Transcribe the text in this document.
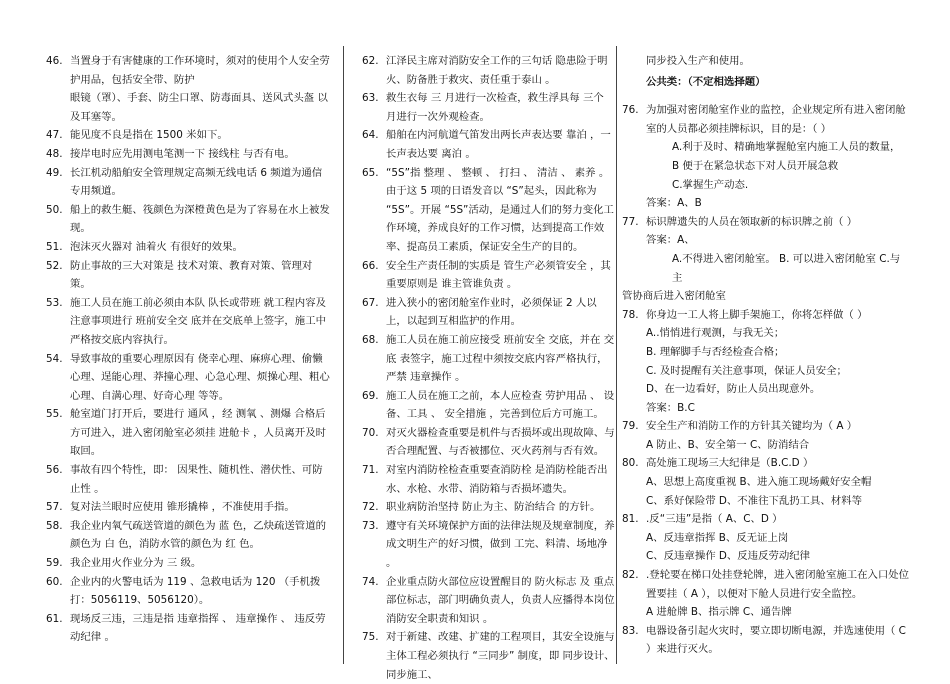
46. 当置身于有害健康的工作环境时，须对的使用个人安全劳护用品，包括安全带、防护
眼镜（罩）、手套、防尘口罩、防毒面具、送风式头盔 以及耳塞等。
47. 能见度不良是指在 1500 米如下。
48. 接岸电时应先用测电笔测一下 接线柱 与否有电。
49. 长江机动船舶安全管理规定高频无线电话 6 频道为通信专用频道。
50. 船上的救生艇、筏颜色为深橙黄色是为了容易在水上被发现。
51. 泡沫灭火器对 油着火 有很好的效果。
52. 防止事故的三大对策是 技术对策、教育对策、管理对策。
53. 施工人员在施工前必须由本队 队长或带班 就工程内容及注意事项进行 班前安全交 底并在交底单上签字，施工中严格按交底内容执行。
54. 导致事故的重要心理原因有 侥幸心理、麻痹心理、偷懒心理、逞能心理、莽撞心理、心急心理、烦操心理、粗心心理、自满心理、好奇心理 等等。
55. 舱室道门打开后，要进行 通风 ，经 测氧 、测爆 合格后方可进入，进入密闭舱室必须挂 进舱卡 ，人员离开及时取回。
56. 事故有四个特性，即： 因果性、随机性、潜伏性、可防止性 。
57. 复对法兰眼时应使用 锥形撬棒 ，不准使用手指。
58. 我企业内氧气疏送管道的颜色为 蓝 色，乙炔疏送管道的颜色为 白 色，消防水管的颜色为 红 色。
59. 我企业用火作业分为 三 级。
60. 企业内的火警电话为 119 、急救电话为 120 （手机拨打：5056119、5056120）。
61. 现场反三违，三违是指 违章指挥 、 违章操作 、 违反劳动纪律 。
62. 江泽民主席对消防安全工作的三句话 隐患险于明火、防备胜于救灾、责任重于泰山 。
63. 救生衣每 三 月进行一次检查，救生浮具每 三个 月进行一次外观检查。
64. 船舶在内河航道气笛发出两长声表达要 靠泊 ，一长声表达要 离泊 。
65. “5S”指 整理 、 整顿 、 打扫 、 清洁 、 素养 。由于这 5 项的日语发音以 “S”起头，因此称为 “5S”。开展 “5S”活动，是通过人们的努力变化工作环境，养成良好的工作习惯，达到提高工作效率、提高员工素质，保证安全生产的目的。
66. 安全生产责任制的实质是 管生产必须管安全 ，其重要原则是 谁主管谁负责 。
67. 进入狭小的密闭舱室作业时，必须保证 2 人以上，以起到互相监护的作用。
68. 施工人员在施工前应接受 班前安全 交底，并在 交底 表签字，施工过程中须按交底内容严格执行，严禁 违章操作 。
69. 施工人员在施工之前，本人应检查 劳护用品 、 设备、工具 、 安全措施 ，完善到位后方可施工。
70. 对灭火器检查重要是机件与否损坏或出现故障、与否合理配置、与否被挪位、灭火药剂与否有效。
71. 对室内消防栓检查重要查消防栓 是消防栓能否出水、水枪、水带、消防箱与否损坏遗失。
72. 职业病防治坚持 防止为主、防治结合 的方针。
73. 遵守有关环境保护方面的法律法规及规章制度，养成文明生产的好习惯，做到 工完、料清、场地净 。
74. 企业重点防火部位应设置醒目的 防火标志 及 重点部位标志，部门明确负责人，负责人应播得本岗位 消防安全职责和知识 。
75. 对于新建、改建、扩建的工程项目，其安全设施与主体工程必须执行 “三同步” 制度，即 同步设计、同步施工、
同步投入生产和使用。
公共类：（不定相选择题）
76. 为加强对密闭舱室作业的监控，企业规定所有进入密闭舱室的人员都必须挂牌标识，目的是：（ ）
A.利于及时、精确地掌握舱室内施工人员的数量，
B 便于在紧急状态下对人员开展急救
C.掌握生产动态.
答案：A、B
77. 标识牌遗失的人员在领取新的标识牌之前（ ）
答案：A、
A.不得进入密闭舱室。 B. 可以进入密闭舱室 C.与主
管协商后进入密闭舱室
78. 你身边一工人将上脚手架施工，你将怎样做（ ）
A..悄悄进行观测，与我无关；
B. 理解脚手与否经检查合格；
C. 及时提醒有关注意事项，保证人员安全；
D、在一边看好，防止人员出现意外。
答案：B.C
79. 安全生产和消防工作的方针其关键均为（ A ）
A 防止、B、安全第一 C、防消结合
80. 高处施工现场三大纪律是（B.C.D ）
A、思想上高度重视 B、进入施工现场戴好安全帽
C、系好保险带 D、不准往下乱扔工具、材料等
81. .反“三违”是指（ A、C、D ）
A、反违章指挥 B、反无证上岗
C、反违章操作 D、反违反劳动纪律
82. .登轮要在梯口处挂登轮牌，进入密闭舱室施工在入口处位置要挂（ A ），以便对下舱人员进行安全监控。
A 进舱牌 B、指示牌 C、通告牌
83. 电器设备引起火灾时，要立即切断电源，并选速使用（ C ）来进行灭火。
